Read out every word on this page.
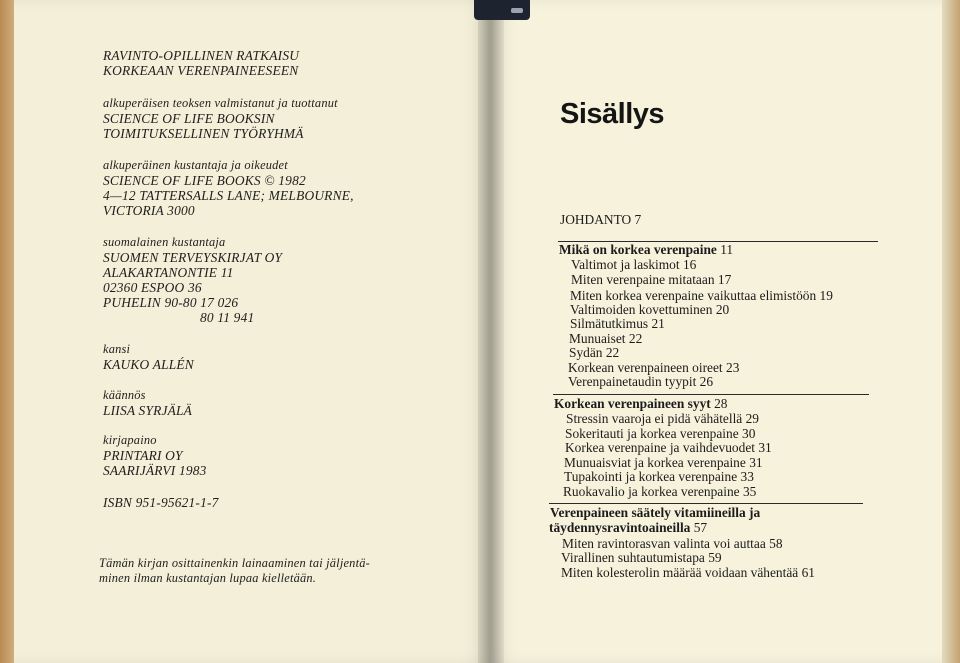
RAVINTO-OPILLINEN RATKAISU
KORKEAAN VERENPAINEESEEN
alkuperäisen teoksen valmistanut ja tuottanut
SCIENCE OF LIFE BOOKSIN
TOIMITUKSELLINEN TYÖRYHMÄ
alkuperäinen kustantaja ja oikeudet
SCIENCE OF LIFE BOOKS © 1982
4—12 TATTERSALLS LANE; MELBOURNE,
VICTORIA 3000
suomalainen kustantaja
SUOMEN TERVEYSKIRJAT OY
ALAKARTANONTIE 11
02360 ESPOO 36
PUHELIN 90-80 17 026
80 11 941
kansi
KAUKO ALLÉN
käännös
LIISA SYRJÄLÄ
kirjapaino
PRINTARI OY
SAARIJÄRVI 1983
ISBN 951-95621-1-7
Tämän kirjan osittainenkin lainaaminen tai jäljentä-
minen ilman kustantajan lupaa kielletään.
Sisällys
JOHDANTO 7
Mikä on korkea verenpaine 11
Valtimot ja laskimot 16
Miten verenpaine mitataan 17
Miten korkea verenpaine vaikuttaa elimistöön 19
Valtimoiden kovettuminen 20
Silmätutkimus 21
Munuaiset 22
Sydän 22
Korkean verenpaineen oireet 23
Verenpainetaudin tyypit 26
Korkean verenpaineen syyt 28
Stressin vaaroja ei pidä vähätellä 29
Sokeritauti ja korkea verenpaine 30
Korkea verenpaine ja vaihdevuodet 31
Munuaisviat ja korkea verenpaine 31
Tupakointi ja korkea verenpaine 33
Ruokavalio ja korkea verenpaine 35
Verenpaineen säätely vitamiineilla ja
täydennysravintoaineilla 57
Miten ravintorasvan valinta voi auttaa 58
Virallinen suhtautumistapa 59
Miten kolesterolin määrää voidaan vähentää 61
